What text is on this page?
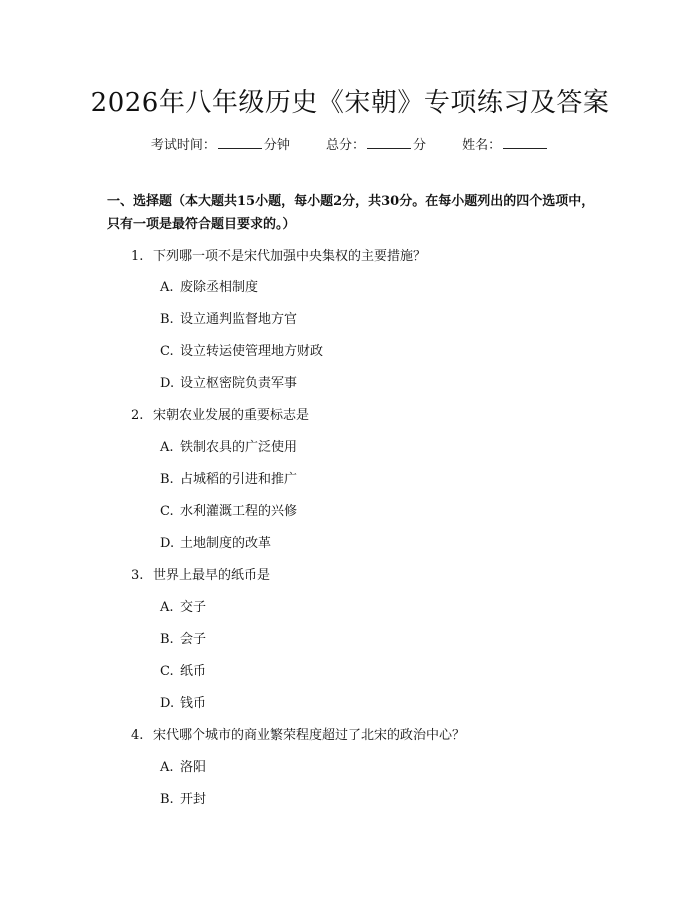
2026年八年级历史《宋朝》专项练习及答案
考试时间：	分钟	总分：	分	姓名：
一、选择题（本大题共15小题，每小题2分，共30分。在每小题列出的四个选项中，只有一项是最符合题目要求的。）
1. 下列哪一项不是宋代加强中央集权的主要措施？
A. 废除丞相制度
B. 设立通判监督地方官
C. 设立转运使管理地方财政
D. 设立枢密院负责军事
2. 宋朝农业发展的重要标志是
A. 铁制农具的广泛使用
B. 占城稻的引进和推广
C. 水利灌溉工程的兴修
D. 土地制度的改革
3. 世界上最早的纸币是
A. 交子
B. 会子
C. 纸币
D. 钱币
4. 宋代哪个城市的商业繁荣程度超过了北宋的政治中心？
A. 洛阳
B. 开封
